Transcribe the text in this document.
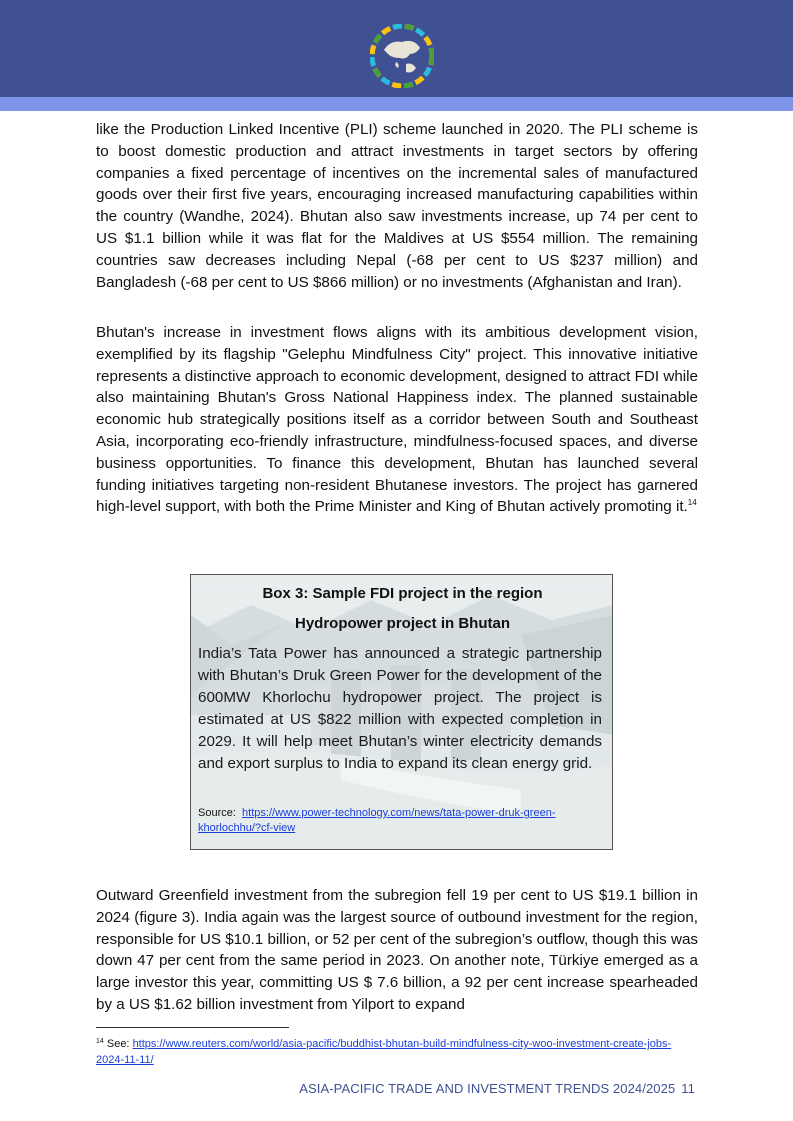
like the Production Linked Incentive (PLI) scheme launched in 2020. The PLI scheme is to boost domestic production and attract investments in target sectors by offering companies a fixed percentage of incentives on the incremental sales of manufactured goods over their first five years, encouraging increased manufacturing capabilities within the country (Wandhe, 2024). Bhutan also saw investments increase, up 74 per cent to US $1.1 billion while it was flat for the Maldives at US $554 million. The remaining countries saw decreases including Nepal (-68 per cent to US $237 million) and Bangladesh (-68 per cent to US $866 million) or no investments (Afghanistan and Iran).

Bhutan's increase in investment flows aligns with its ambitious development vision, exemplified by its flagship "Gelephu Mindfulness City" project. This innovative initiative represents a distinctive approach to economic development, designed to attract FDI while also maintaining Bhutan's Gross National Happiness index. The planned sustainable economic hub strategically positions itself as a corridor between South and Southeast Asia, incorporating eco-friendly infrastructure, mindfulness-focused spaces, and diverse business opportunities. To finance this development, Bhutan has launched several funding initiatives targeting non-resident Bhutanese investors. The project has garnered high-level support, with both the Prime Minister and King of Bhutan actively promoting it.$^{14}$

Box 3: Sample FDI project in the region
Hydropower project in Bhutan

India’s Tata Power has announced a strategic partnership with Bhutan’s Druk Green Power for the development of the 600MW Khorlochu hydropower project. The project is estimated at US $822 million with expected completion in 2029. It will help meet Bhutan’s winter electricity demands and export surplus to India to expand its clean energy grid.

Source: https://www.power-technology.com/news/tata-power-druk-green-khorlochhu/?cf-view

Outward Greenfield investment from the subregion fell 19 per cent to US $19.1 billion in 2024 (figure 3). India again was the largest source of outbound investment for the region, responsible for US $10.1 billion, or 52 per cent of the subregion’s outflow, though this was down 47 per cent from the same period in 2023. On another note, Türkiye emerged as a large investor this year, committing US $ 7.6 billion, a 92 per cent increase spearheaded by a US $1.62 billion investment from Yilport to expand

$^{14}$ See: https://www.reuters.com/world/asia-pacific/buddhist-bhutan-build-mindfulness-city-woo-investment-create-jobs-2024-11-11/
ASIA-PACIFIC TRADE AND INVESTMENT TRENDS 2024/2025 11
